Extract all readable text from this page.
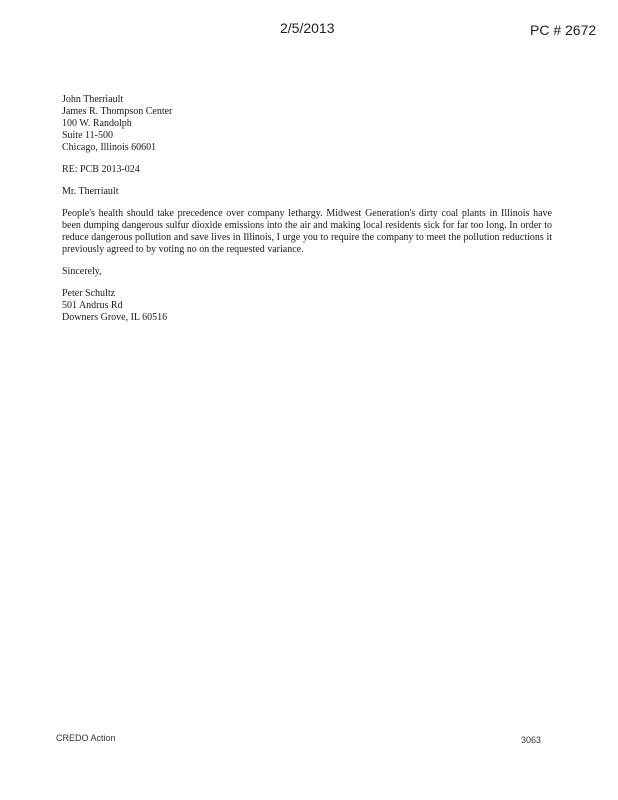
2/5/2013	PC # 2672
John Therriault
James R. Thompson Center
100 W. Randolph
Suite 11-500
Chicago, Illinois 60601
RE: PCB 2013-024
Mr. Therriault

People's health should take precedence over company lethargy. Midwest Generation's dirty coal plants in Illinois have been dumping dangerous sulfur dioxide emissions into the air and making local residents sick for far too long. In order to reduce dangerous pollution and save lives in Illinois, I urge you to require the company to meet the pollution reductions it previously agreed to by voting no on the requested variance.

Sincerely,
Peter Schultz
501 Andrus Rd
Downers Grove, IL 60516
CREDO Action	3063
